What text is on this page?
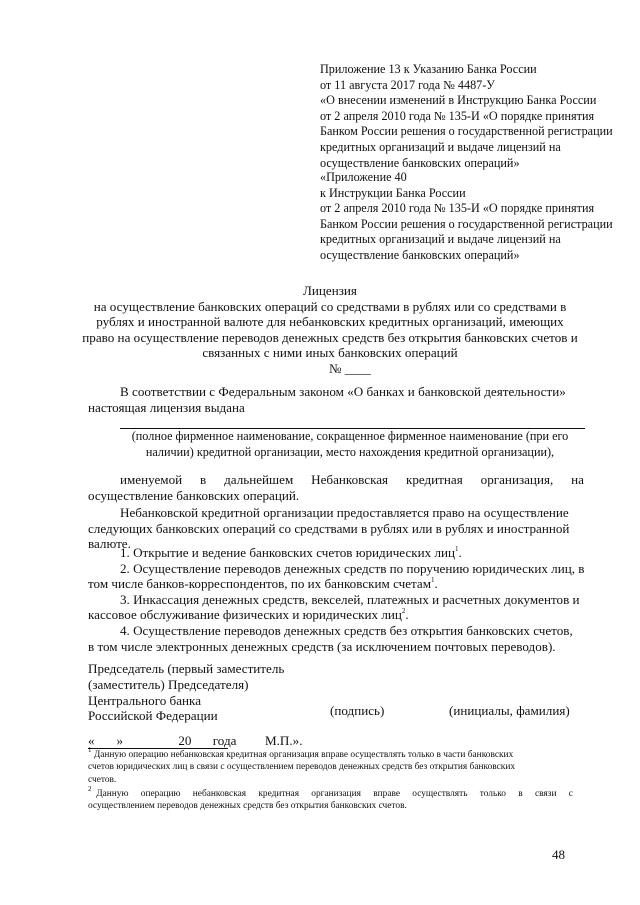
Приложение 13 к Указанию Банка России
от 11 августа 2017 года № 4487-У
«О внесении изменений в Инструкцию Банка России
от 2 апреля 2010 года № 135-И «О порядке принятия
Банком России решения о государственной регистрации
кредитных организаций и выдаче лицензий на
осуществление банковских операций»
«Приложение 40
к Инструкции Банка России
от 2 апреля 2010 года № 135-И «О порядке принятия
Банком России решения о государственной регистрации
кредитных организаций и выдаче лицензий на
осуществление банковских операций»
Лицензия
на осуществление банковских операций со средствами в рублях или со средствами в
рублях и иностранной валюте для небанковских кредитных организаций, имеющих
право на осуществление переводов денежных средств без открытия банковских счетов и
связанных с ними иных банковских операций
№ ____
В соответствии с Федеральным законом «О банках и банковской деятельности»
настоящая лицензия выдана
(полное фирменное наименование, сокращенное фирменное наименование (при его
наличии) кредитной организации, место нахождения кредитной организации),
именуемой в дальнейшем Небанковская кредитная организация, на
осуществление банковских операций.
Небанковской кредитной организации предоставляется право на осуществление
следующих банковских операций со средствами в рублях или в рублях и иностранной
валюте.
1. Открытие и ведение банковских счетов юридических лиц$^1$.
2. Осуществление переводов денежных средств по поручению юридических лиц, в
том числе банков-корреспондентов, по их банковским счетам$^1$.
3. Инкассация денежных средств, векселей, платежных и расчетных документов и
кассовое обслуживание физических и юридических лиц$^2$.
4. Осуществление переводов денежных средств без открытия банковских счетов,
в том числе электронных денежных средств (за исключением почтовых переводов).
Председатель (первый заместитель
(заместитель) Председателя)
Центрального банка
Российской Федерации	(подпись)	(инициалы, фамилия)
« »	20 года М.П.».
$^1$ Данную операцию небанковская кредитная организация вправе осуществлять только в части банковских
счетов юридических лиц в связи с осуществлением переводов денежных средств без открытия банковских
счетов.
$^2$  Данную операцию небанковская кредитная организация вправе осуществлять только в связи с
осуществлением переводов денежных средств без открытия банковских счетов.
48
